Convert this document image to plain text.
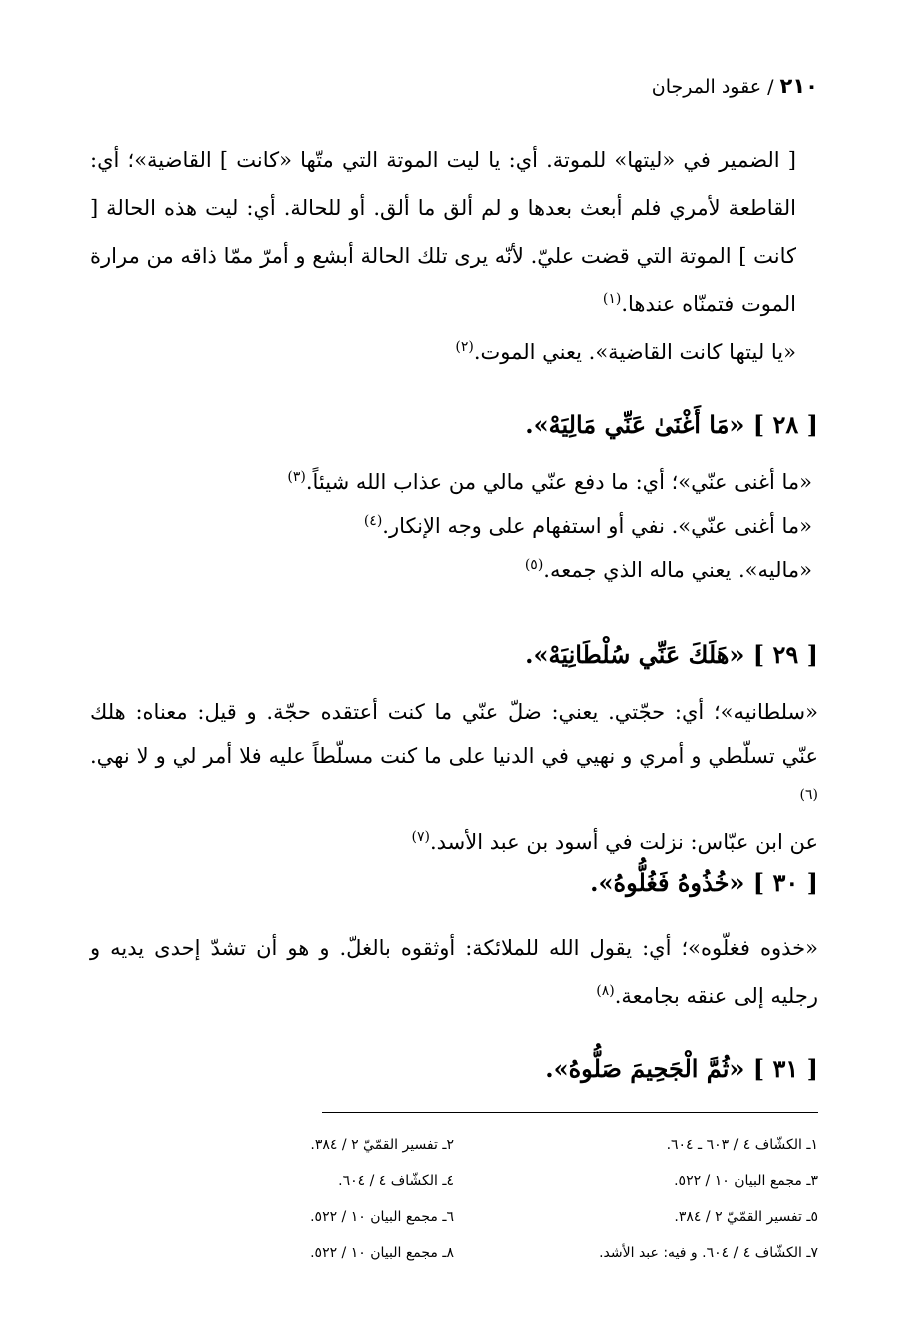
٢١٠ / عقود المرجان

[ الضمير في «ليتها» للموتة. أي: يا ليت الموتة التي متّها «كانت ] القاضية»؛ أي: القاطعة لأمري فلم أبعث بعدها و لم ألق ما ألق. أو للحالة. أي: ليت هذه الحالة [ كانت ] الموتة التي قضت عليّ. لأنّه يرى تلك الحالة أبشع و أمرّ ممّا ذاقه من مرارة الموت فتمنّاه عندها.$^{(١)}$

«يا ليتها كانت القاضية». يعني الموت.$^{(٢)}$

[ ٢٨ ] «مَا أَغْنَىٰ عَنِّي مَالِيَهْ».

«ما أغنى عنّي»؛ أي: ما دفع عنّي مالي من عذاب الله شيئاً.$^{(٣)}$

«ما أغنى عنّي». نفي أو استفهام على وجه الإنكار.$^{(٤)}$

«ماليه». يعني ماله الذي جمعه.$^{(٥)}$

[ ٢٩ ] «هَلَكَ عَنِّي سُلْطَانِيَهْ».

«سلطانيه»؛ أي: حجّتي. يعني: ضلّ عنّي ما كنت أعتقده حجّة. و قيل: معناه: هلك عنّي تسلّطي و أمري و نهيي في الدنيا على ما كنت مسلّطاً عليه فلا أمر لي و لا نهي.$^{(٦)}$

عن ابن عبّاس: نزلت في أسود بن عبد الأسد.$^{(٧)}$

[ ٣٠ ] «خُذُوهُ فَغُلُّوهُ».

«خذوه فغلّوه»؛ أي: يقول الله للملائكة: أوثقوه بالغلّ. و هو أن تشدّ إحدى يديه و رجليه إلى عنقه بجامعة.$^{(٨)}$

[ ٣١ ] «ثُمَّ الْجَحِيمَ صَلُّوهُ».

١ـ الكشّاف ٤ / ٦٠٣ ـ ٦٠٤.
٢ـ تفسير القمّيّ ٢ / ٣٨٤.
٣ـ مجمع البيان ١٠ / ٥٢٢.
٤ـ الكشّاف ٤ / ٦٠٤.
٥ـ تفسير القمّيّ ٢ / ٣٨٤.
٦ـ مجمع البيان ١٠ / ٥٢٢.
٧ـ الكشّاف ٤ / ٦٠٤. و فيه: عبد الأشد.
٨ـ مجمع البيان ١٠ / ٥٢٢.
